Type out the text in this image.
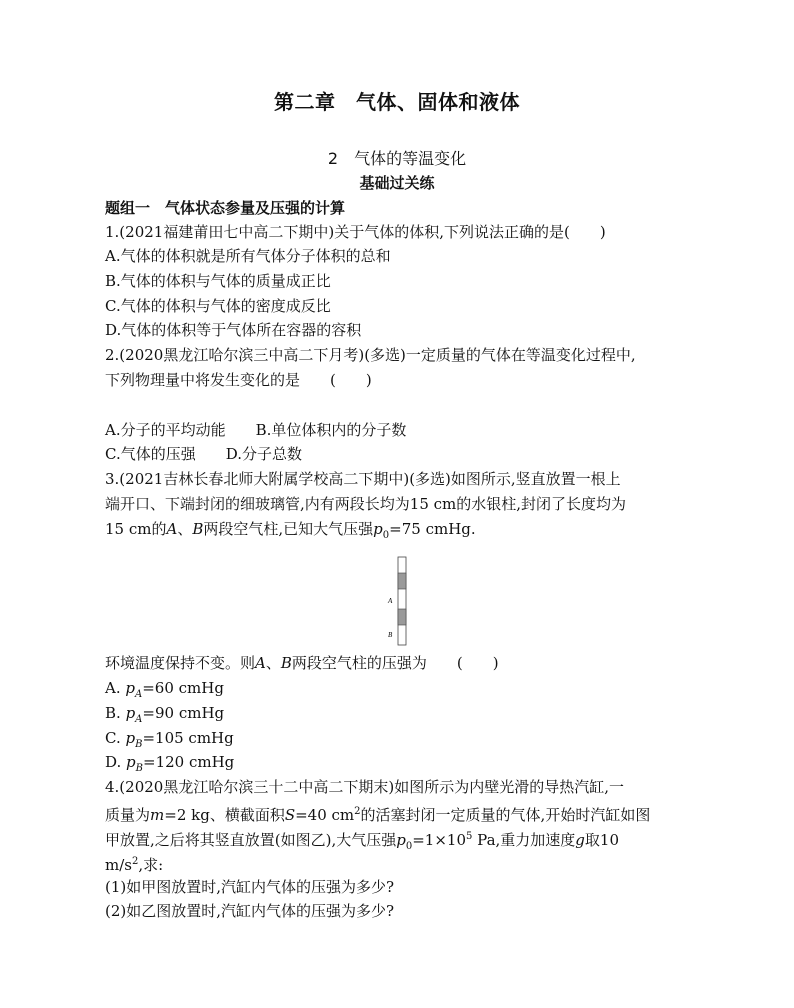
第二章　气体、固体和液体
2　气体的等温变化
基础过关练
题组一　气体状态参量及压强的计算
1.(2021福建莆田七中高二下期中)关于气体的体积,下列说法正确的是(　　)
A.气体的体积就是所有气体分子体积的总和
B.气体的体积与气体的质量成正比
C.气体的体积与气体的密度成反比
D.气体的体积等于气体所在容器的容积
2.(2020黑龙江哈尔滨三中高二下月考)(多选)一定质量的气体在等温变化过程中,
下列物理量中将发生变化的是　　(　　)
A.分子的平均动能　　B.单位体积内的分子数
C.气体的压强　　D.分子总数
3.(2021吉林长春北师大附属学校高二下期中)(多选)如图所示,竖直放置一根上
端开口、下端封闭的细玻璃管,内有两段长均为15 cm的水银柱,封闭了长度均为
15 cm的A、B两段空气柱,已知大气压强$p_0=75$ cmHg.
A
B
环境温度保持不变。则A、B两段空气柱的压强为　　(　　)
A. $p_A=60$ cmHg
B. $p_A=90$ cmHg
C. $p_B=105$ cmHg
D. $p_B=120$ cmHg
4.(2020黑龙江哈尔滨三十二中高二下期末)如图所示为内壁光滑的导热汽缸,一
质量为m=2 kg、横截面积S=40 $cm^2$的活塞封闭一定质量的气体,开始时汽缸如图
甲放置,之后将其竖直放置(如图乙),大气压强$p_0=1\times 10^5$ Pa,重力加速度g取10
$m/s^2$,求:
(1)如甲图放置时,汽缸内气体的压强为多少?
(2)如乙图放置时,汽缸内气体的压强为多少?
